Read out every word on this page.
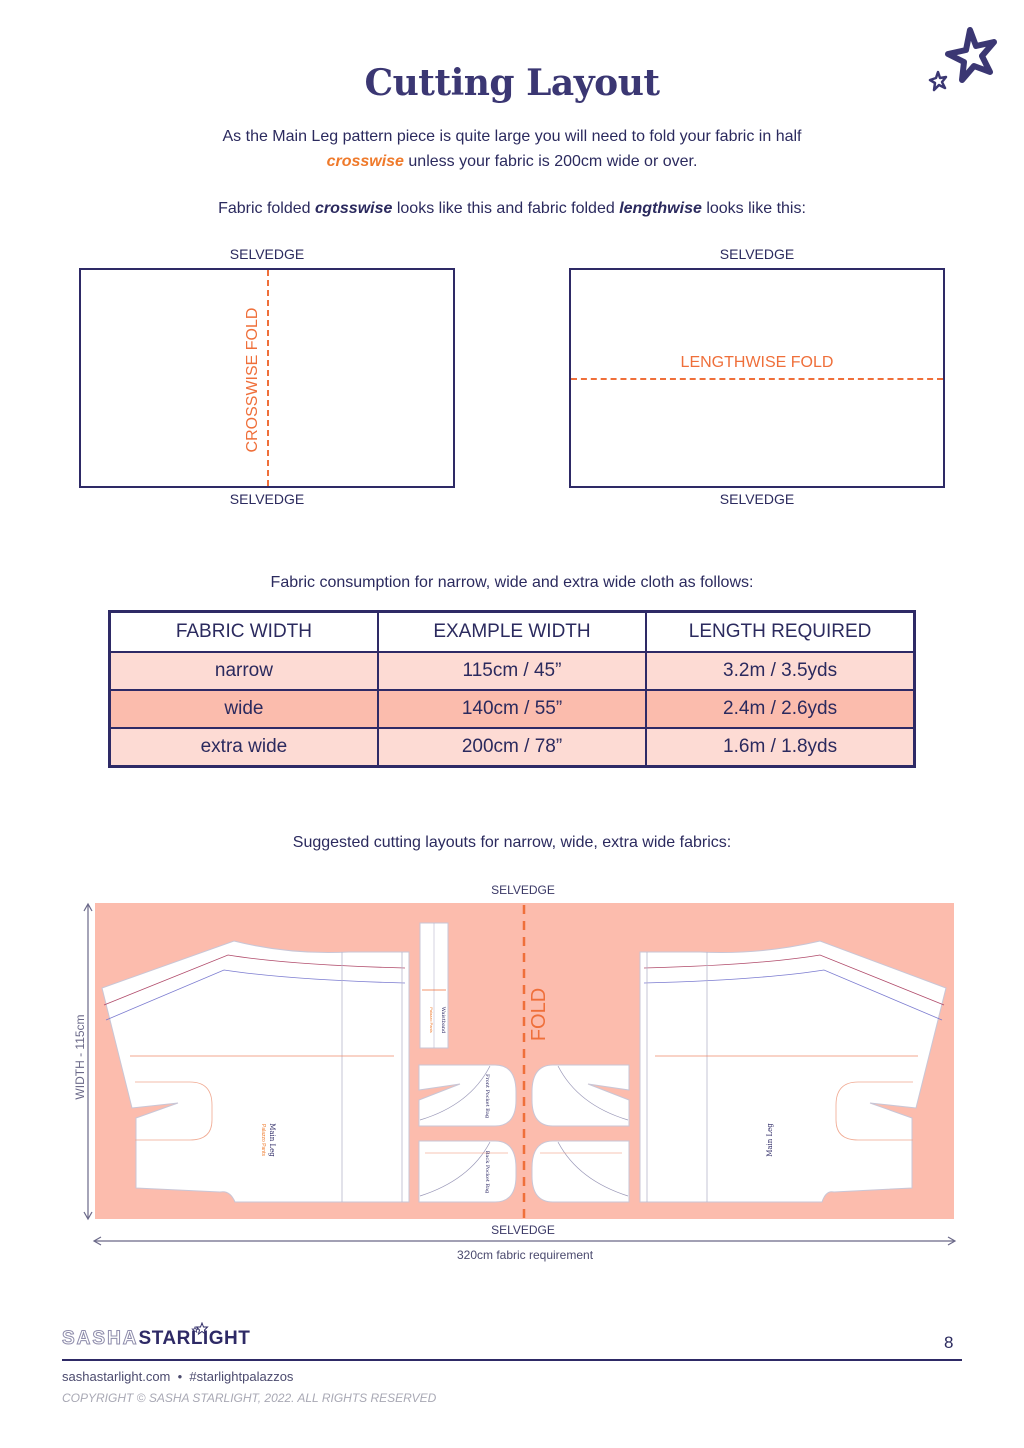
Cutting Layout
As the Main Leg pattern piece is quite large you will need to fold your fabric in half
crosswise unless your fabric is 200cm wide or over.
Fabric folded crosswise looks like this and fabric folded lengthwise looks like this:
SELVEDGE
CROSSWISE FOLD
SELVEDGE
SELVEDGE
LENGTHWISE FOLD
SELVEDGE
Fabric consumption for narrow, wide and extra wide cloth as follows:
FABRIC WIDTH	EXAMPLE WIDTH	LENGTH REQUIRED
narrow	115cm / 45”	3.2m / 3.5yds
wide	140cm / 55”	2.4m / 2.6yds
extra wide	200cm / 78”	1.6m / 1.8yds
Suggested cutting layouts for narrow, wide, extra wide fabrics:
SELVEDGE
Main Leg
Palazzo Pants
Waistband
Palazzo Pants
Front Pocket Bag
Back Pocket Bag
Main Leg
FOLD
WIDTH - 115cm
SELVEDGE
320cm fabric requirement
SASHASTARLIGHT	8
sashastarlight.com  •  #starlightpalazzos
COPYRIGHT © SASHA STARLIGHT, 2022. ALL RIGHTS RESERVED
